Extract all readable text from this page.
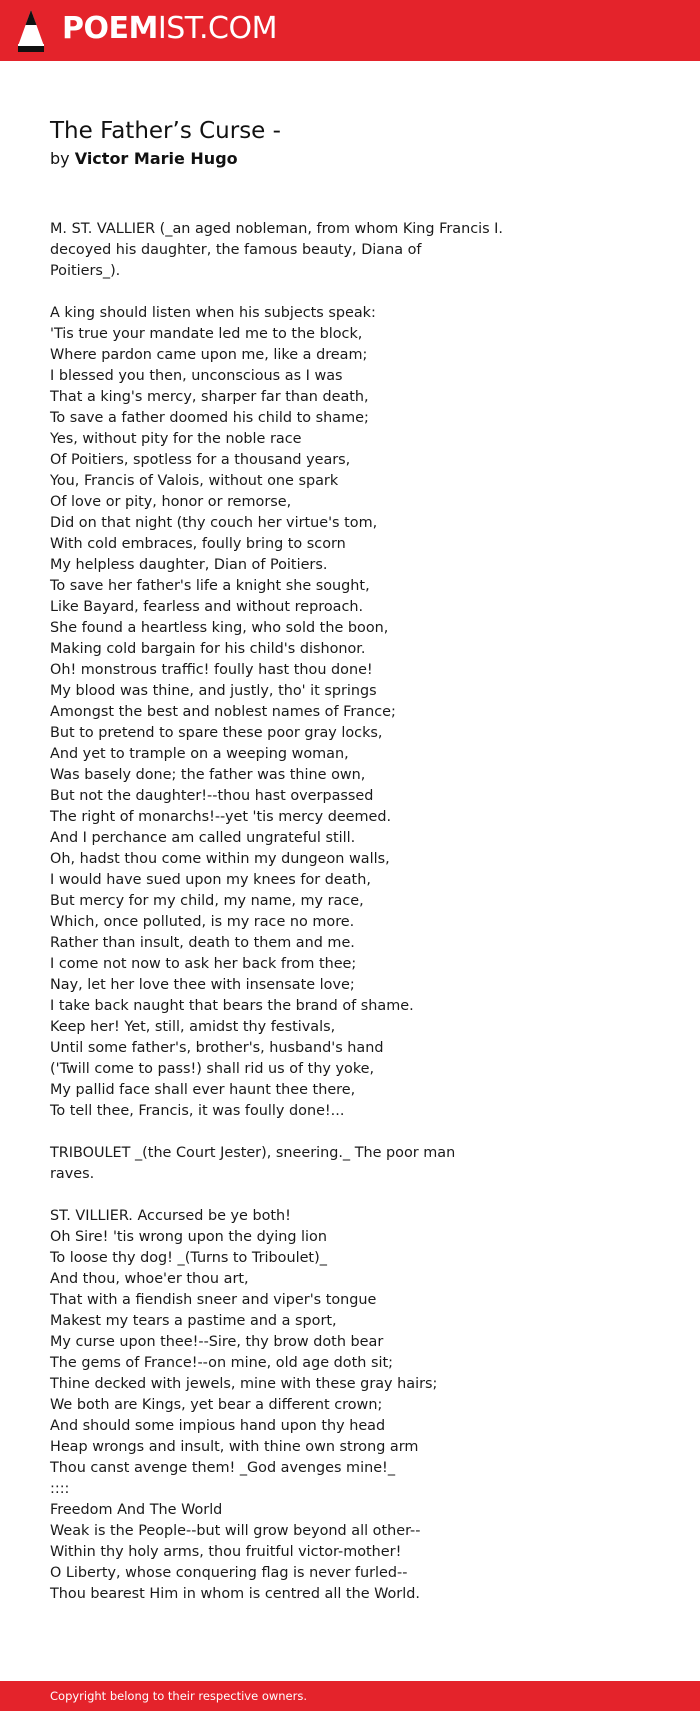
POEMIST.COM
The Father’s Curse -
by Victor Marie Hugo
M. ST. VALLIER (_an aged nobleman, from whom King Francis I.
decoyed his daughter, the famous beauty, Diana of
Poitiers_).
A king should listen when his subjects speak:
'Tis true your mandate led me to the block,
Where pardon came upon me, like a dream;
I blessed you then, unconscious as I was
That a king's mercy, sharper far than death,
To save a father doomed his child to shame;
Yes, without pity for the noble race
Of Poitiers, spotless for a thousand years,
You, Francis of Valois, without one spark
Of love or pity, honor or remorse,
Did on that night (thy couch her virtue's tom,
With cold embraces, foully bring to scorn
My helpless daughter, Dian of Poitiers.
To save her father's life a knight she sought,
Like Bayard, fearless and without reproach.
She found a heartless king, who sold the boon,
Making cold bargain for his child's dishonor.
Oh! monstrous traffic! foully hast thou done!
My blood was thine, and justly, tho' it springs
Amongst the best and noblest names of France;
But to pretend to spare these poor gray locks,
And yet to trample on a weeping woman,
Was basely done; the father was thine own,
But not the daughter!--thou hast overpassed
The right of monarchs!--yet 'tis mercy deemed.
And I perchance am called ungrateful still.
Oh, hadst thou come within my dungeon walls,
I would have sued upon my knees for death,
But mercy for my child, my name, my race,
Which, once polluted, is my race no more.
Rather than insult, death to them and me.
I come not now to ask her back from thee;
Nay, let her love thee with insensate love;
I take back naught that bears the brand of shame.
Keep her! Yet, still, amidst thy festivals,
Until some father's, brother's, husband's hand
('Twill come to pass!) shall rid us of thy yoke,
My pallid face shall ever haunt thee there,
To tell thee, Francis, it was foully done!...
TRIBOULET _(the Court Jester), sneering._ The poor man
raves.
ST. VILLIER. Accursed be ye both!
Oh Sire! 'tis wrong upon the dying lion
To loose thy dog! _(Turns to Triboulet)_
And thou, whoe'er thou art,
That with a fiendish sneer and viper's tongue
Makest my tears a pastime and a sport,
My curse upon thee!--Sire, thy brow doth bear
The gems of France!--on mine, old age doth sit;
Thine decked with jewels, mine with these gray hairs;
We both are Kings, yet bear a different crown;
And should some impious hand upon thy head
Heap wrongs and insult, with thine own strong arm
Thou canst avenge them! _God avenges mine!_
::::
Freedom And The World
Weak is the People--but will grow beyond all other--
Within thy holy arms, thou fruitful victor-mother!
O Liberty, whose conquering flag is never furled--
Thou bearest Him in whom is centred all the World.
Copyright belong to their respective owners.
